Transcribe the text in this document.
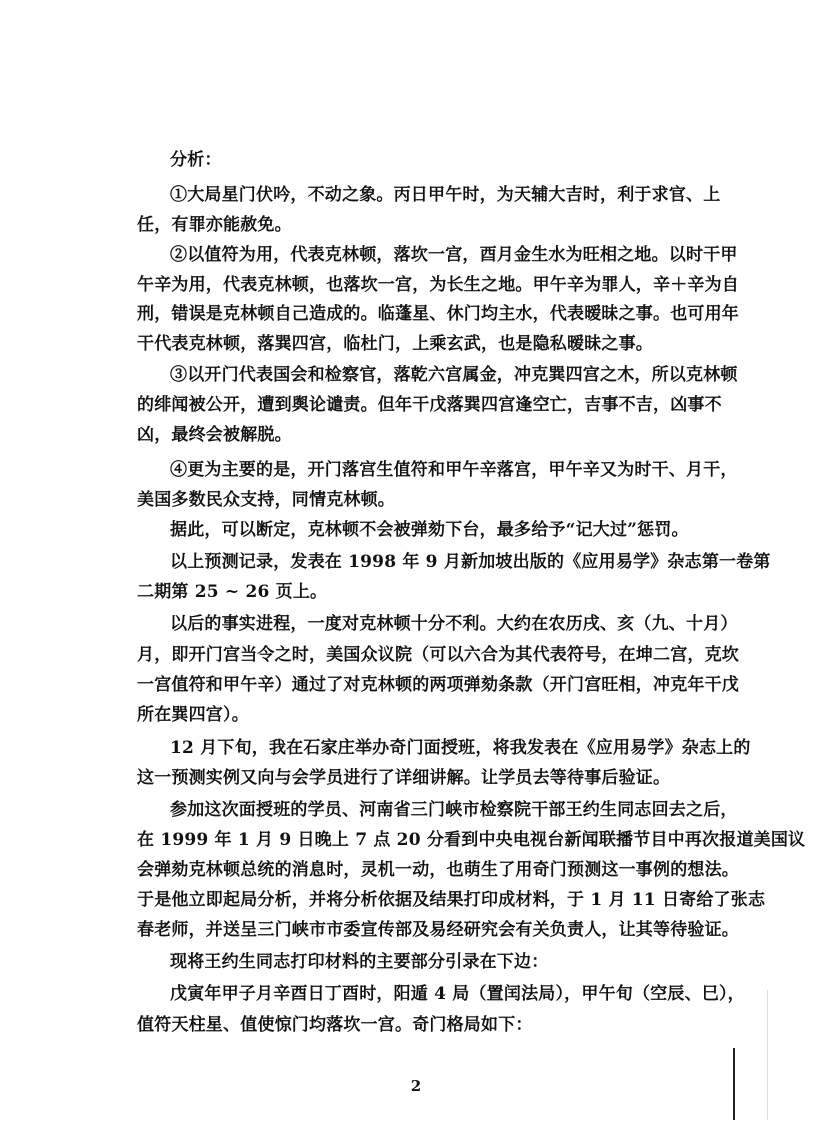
分析：
①大局星门伏吟，不动之象。丙日甲午时，为天辅大吉时，利于求官、上
任，有罪亦能赦免。
②以值符为用，代表克林顿，落坎一宫，酉月金生水为旺相之地。以时干甲
午辛为用，代表克林顿，也落坎一宫，为长生之地。甲午辛为罪人，辛＋辛为自
刑，错误是克林顿自己造成的。临蓬星、休门均主水，代表暧昧之事。也可用年
干代表克林顿，落巽四宫，临杜门，上乘玄武，也是隐私暧昧之事。
③以开门代表国会和检察官，落乾六宫属金，冲克巽四宫之木，所以克林顿
的绯闻被公开，遭到舆论谴责。但年干戊落巽四宫逢空亡，吉事不吉，凶事不
凶，最终会被解脱。
④更为主要的是，开门落宫生值符和甲午辛落宫，甲午辛又为时干、月干，
美国多数民众支持，同情克林顿。
据此，可以断定，克林顿不会被弹劾下台，最多给予“记大过”惩罚。
以上预测记录，发表在 1998 年 9 月新加坡出版的《应用易学》杂志第一卷第
二期第 25 ~ 26 页上。
以后的事实进程，一度对克林顿十分不利。大约在农历戌、亥（九、十月）
月，即开门宫当令之时，美国众议院（可以六合为其代表符号，在坤二宫，克坎
一宫值符和甲午辛）通过了对克林顿的两项弹劾条款（开门宫旺相，冲克年干戊
所在巽四宫）。
12 月下旬，我在石家庄举办奇门面授班，将我发表在《应用易学》杂志上的
这一预测实例又向与会学员进行了详细讲解。让学员去等待事后验证。
参加这次面授班的学员、河南省三门峡市检察院干部王约生同志回去之后，
在 1999 年 1 月 9 日晚上 7 点 20 分看到中央电视台新闻联播节目中再次报道美国议
会弹劾克林顿总统的消息时，灵机一动，也萌生了用奇门预测这一事例的想法。
于是他立即起局分析，并将分析依据及结果打印成材料，于 1 月 11 日寄给了张志
春老师，并送呈三门峡市市委宣传部及易经研究会有关负责人，让其等待验证。
现将王约生同志打印材料的主要部分引录在下边：
戊寅年甲子月辛酉日丁酉时，阳遁 4 局（置闰法局），甲午旬（空辰、巳），
值符天柱星、值使惊门均落坎一宫。奇门格局如下：
2
